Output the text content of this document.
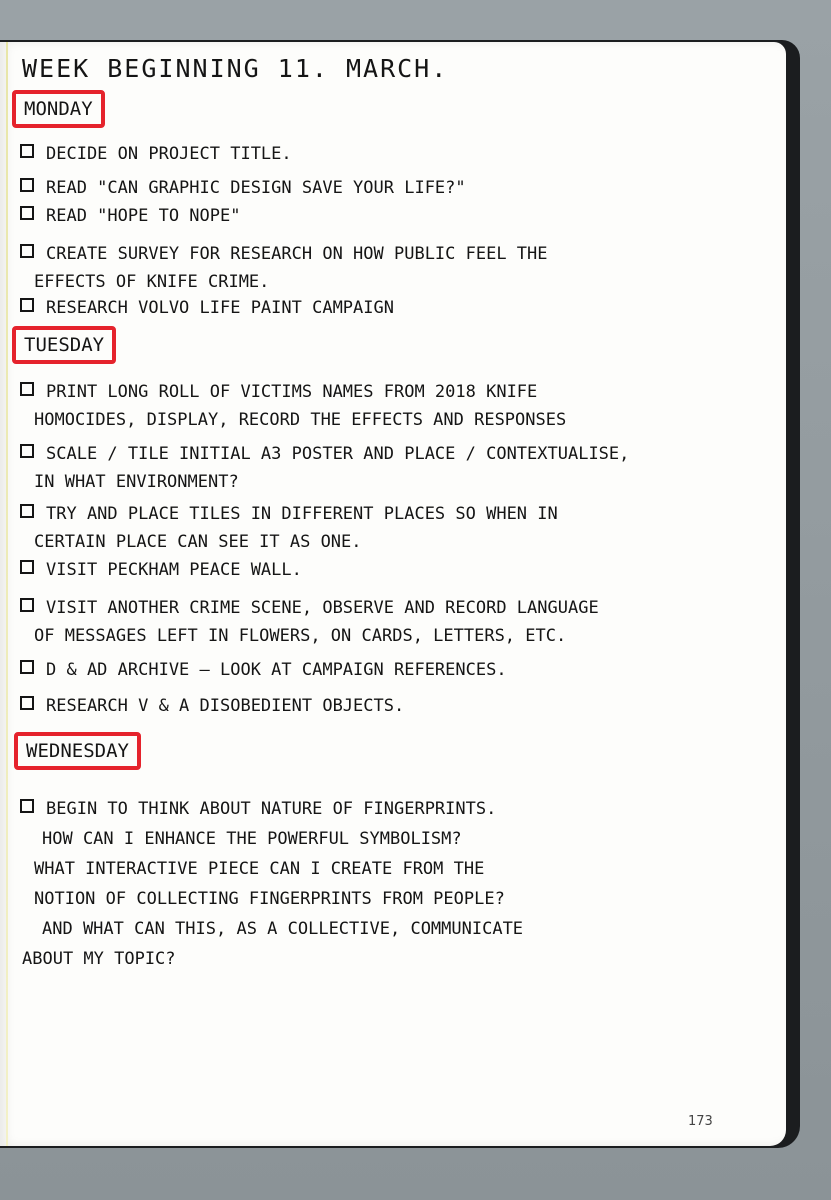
WEEK BEGINNING 11. MARCH.
MONDAY
DECIDE ON PROJECT TITLE.
READ "CAN GRAPHIC DESIGN SAVE YOUR LIFE?"
READ "HOPE TO NOPE"
CREATE SURVEY FOR RESEARCH ON HOW PUBLIC FEEL THE
EFFECTS OF KNIFE CRIME.
RESEARCH VOLVO LIFE PAINT CAMPAIGN
TUESDAY
PRINT LONG ROLL OF VICTIMS NAMES FROM 2018 KNIFE
HOMOCIDES, DISPLAY, RECORD THE EFFECTS AND RESPONSES
SCALE / TILE INITIAL A3 POSTER AND PLACE / CONTEXTUALISE,
IN WHAT ENVIRONMENT?
TRY AND PLACE TILES IN DIFFERENT PLACES SO WHEN IN
CERTAIN PLACE CAN SEE IT AS ONE.
VISIT PECKHAM PEACE WALL.
VISIT ANOTHER CRIME SCENE, OBSERVE AND RECORD LANGUAGE
OF MESSAGES LEFT IN FLOWERS, ON CARDS, LETTERS, ETC.
D & AD ARCHIVE — LOOK AT CAMPAIGN REFERENCES.
RESEARCH V & A DISOBEDIENT OBJECTS.
WEDNESDAY
BEGIN TO THINK ABOUT NATURE OF FINGERPRINTS.
HOW CAN I ENHANCE THE POWERFUL SYMBOLISM?
WHAT INTERACTIVE PIECE CAN I CREATE FROM THE
NOTION OF COLLECTING FINGERPRINTS FROM PEOPLE?
AND WHAT CAN THIS, AS A COLLECTIVE, COMMUNICATE
ABOUT MY TOPIC?
173
